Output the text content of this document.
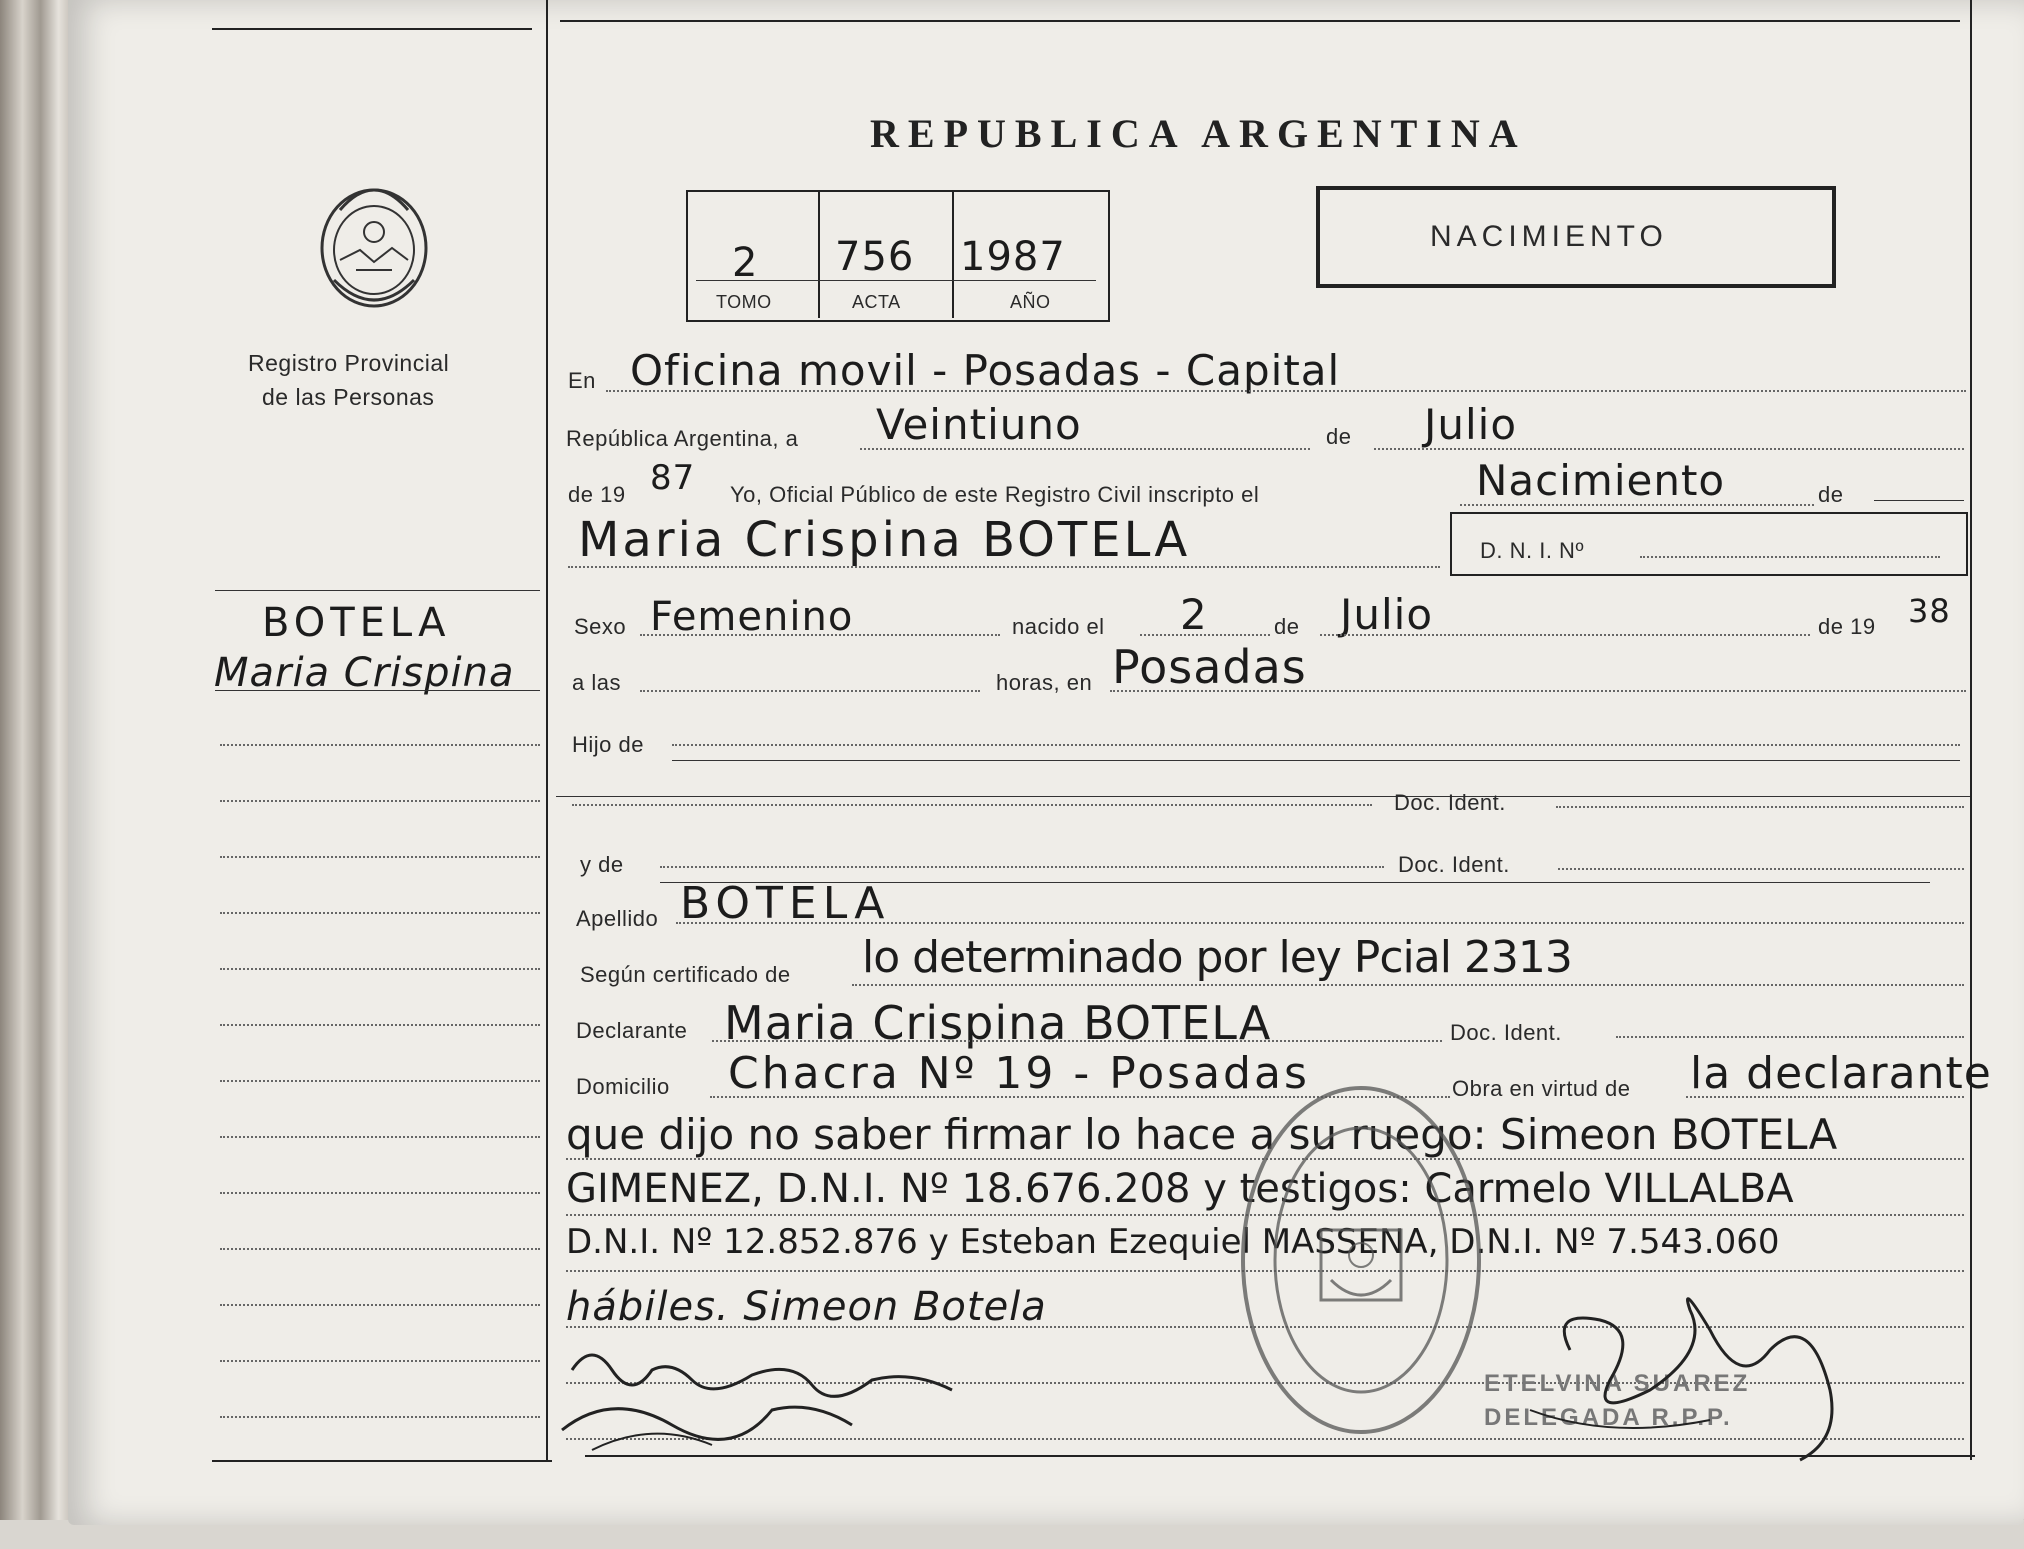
REPUBLICA ARGENTINA
2 756 1987
TOMO	ACTA	AÑO
NACIMIENTO
Registro Provincial
de las Personas
BOTELA
Maria Crispina
En Oficina movil - Posadas - Capital
República Argentina, a Veintiuno	de Julio
de 19 87 Yo, Oficial Público de este Registro Civil inscripto el	Nacimiento	de
Maria Crispina BOTELA	D. N. I. Nº
Sexo Femenino	nacido el 2	de Julio	de 19 38
a las	horas, en Posadas
Hijo de
Doc. Ident.
y de	Doc. Ident.
Apellido BOTELA
Según certificado de lo determinado por ley Pcial 2313
Declarante Maria Crispina BOTELA	Doc. Ident.
Domicilio Chacra Nº 19 - Posadas	Obra en virtud de la declarante
que dijo no saber firmar lo hace a su ruego: Simeon BOTELA
GIMENEZ, D.N.I. Nº 18.676.208 y testigos: Carmelo VILLALBA
D.N.I. Nº 12.852.876 y Esteban Ezequiel MASSENA, D.N.I. Nº 7.543.060
hábiles. Simeon Botela
ETELVINA SUAREZ
DELEGADA R.P.P.
